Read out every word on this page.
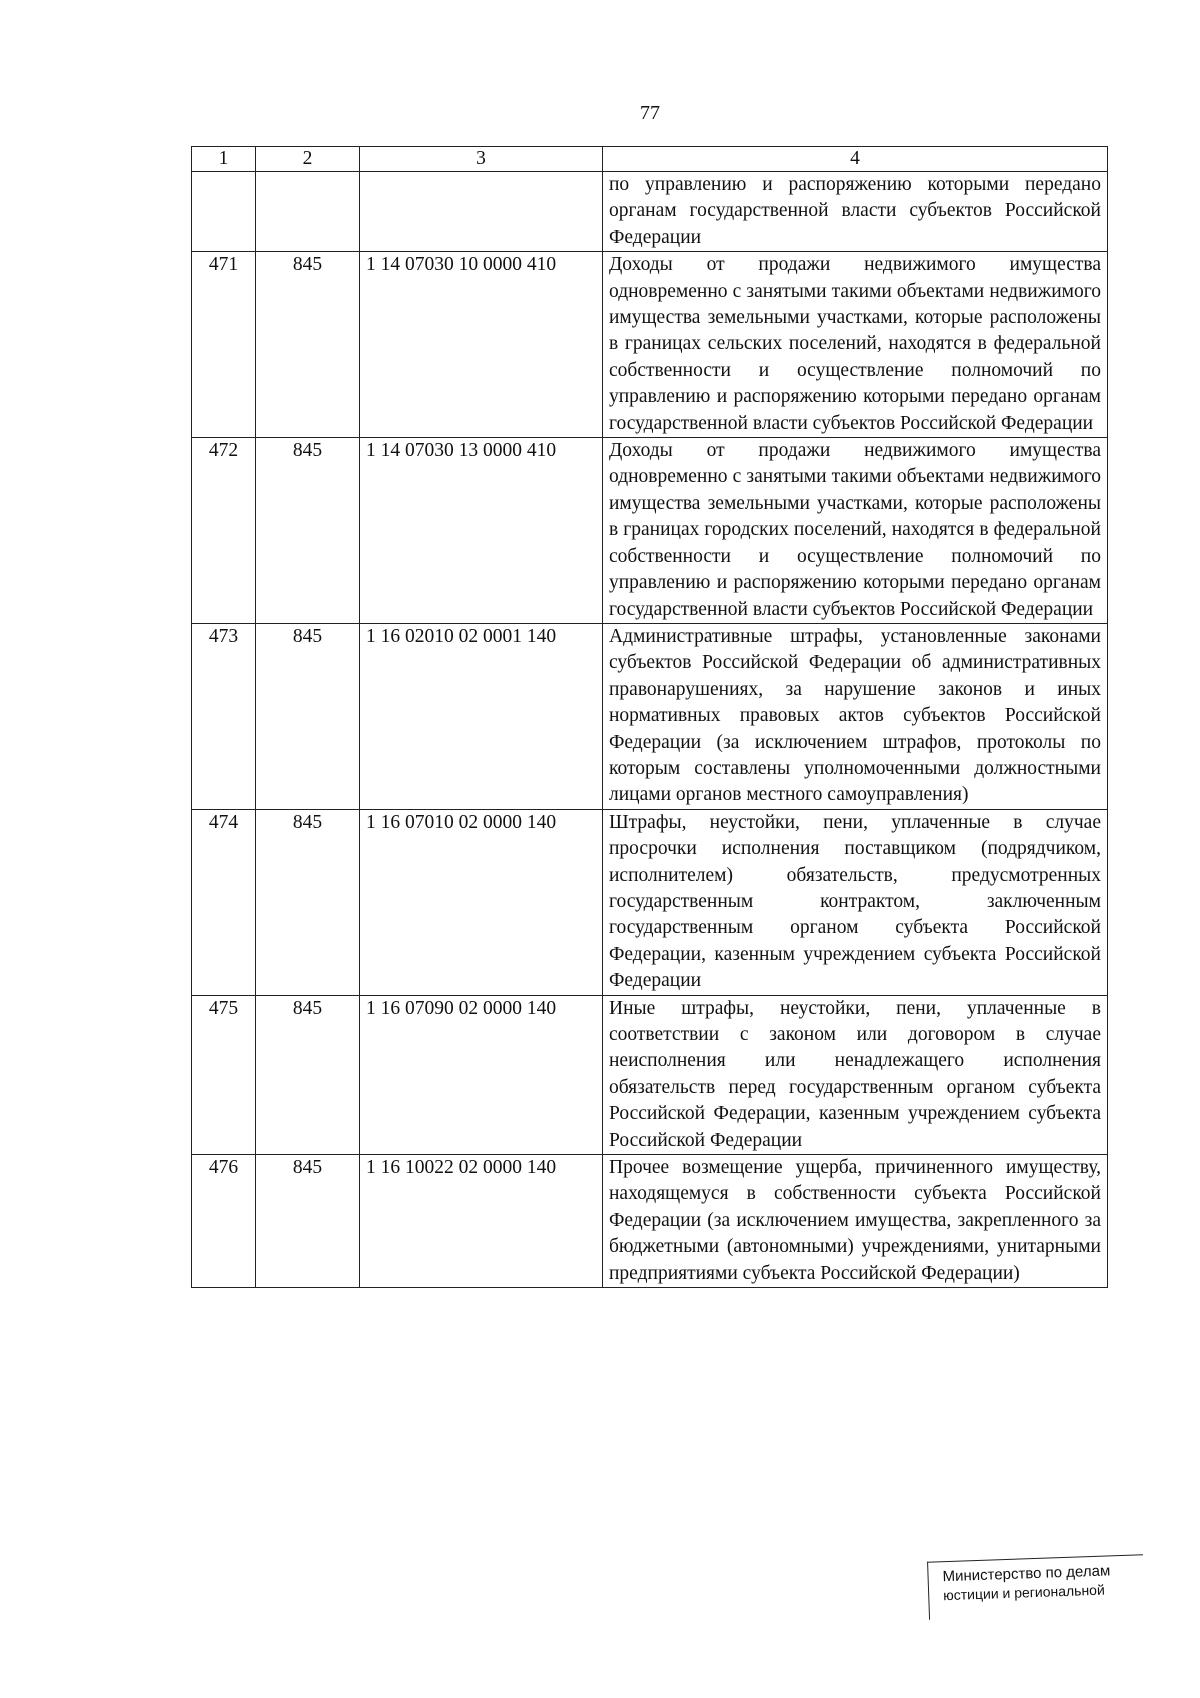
77
1	2	3	4
			по управлению и распоряжению которыми передано органам государственной власти субъектов Российской Федерации
471	845	1 14 07030 10 0000 410	Доходы от продажи недвижимого имущества одновременно с занятыми такими объектами недвижимого имущества земельными участками, которые расположены в границах сельских поселений, находятся в федеральной собственности и осуществление полномочий по управлению и распоряжению которыми передано органам государственной власти субъектов Российской Федерации
472	845	1 14 07030 13 0000 410	Доходы от продажи недвижимого имущества одновременно с занятыми такими объектами недвижимого имущества земельными участками, которые расположены в границах городских поселений, находятся в федеральной собственности и осуществление полномочий по управлению и распоряжению которыми передано органам государственной власти субъектов Российской Федерации
473	845	1 16 02010 02 0001 140	Административные штрафы, установленные законами субъектов Российской Федерации об административных правонарушениях, за нарушение законов и иных нормативных правовых актов субъектов Российской Федерации (за исключением штрафов, протоколы по которым составлены уполномоченными должностными лицами органов местного самоуправления)
474	845	1 16 07010 02 0000 140	Штрафы, неустойки, пени, уплаченные в случае просрочки исполнения поставщиком (подрядчиком, исполнителем) обязательств, предусмотренных государственным контрактом, заключенным государственным органом субъекта Российской Федерации, казенным учреждением субъекта Российской Федерации
475	845	1 16 07090 02 0000 140	Иные штрафы, неустойки, пени, уплаченные в соответствии с законом или договором в случае неисполнения или ненадлежащего исполнения обязательств перед государственным органом субъекта Российской Федерации, казенным учреждением субъекта Российской Федерации
476	845	1 16 10022 02 0000 140	Прочее возмещение ущерба, причиненного имуществу, находящемуся в собственности субъекта Российской Федерации (за исключением имущества, закрепленного за бюджетными (автономными) учреждениями, унитарными предприятиями субъекта Российской Федерации)
Министерство по делам
юстиции и региональной
